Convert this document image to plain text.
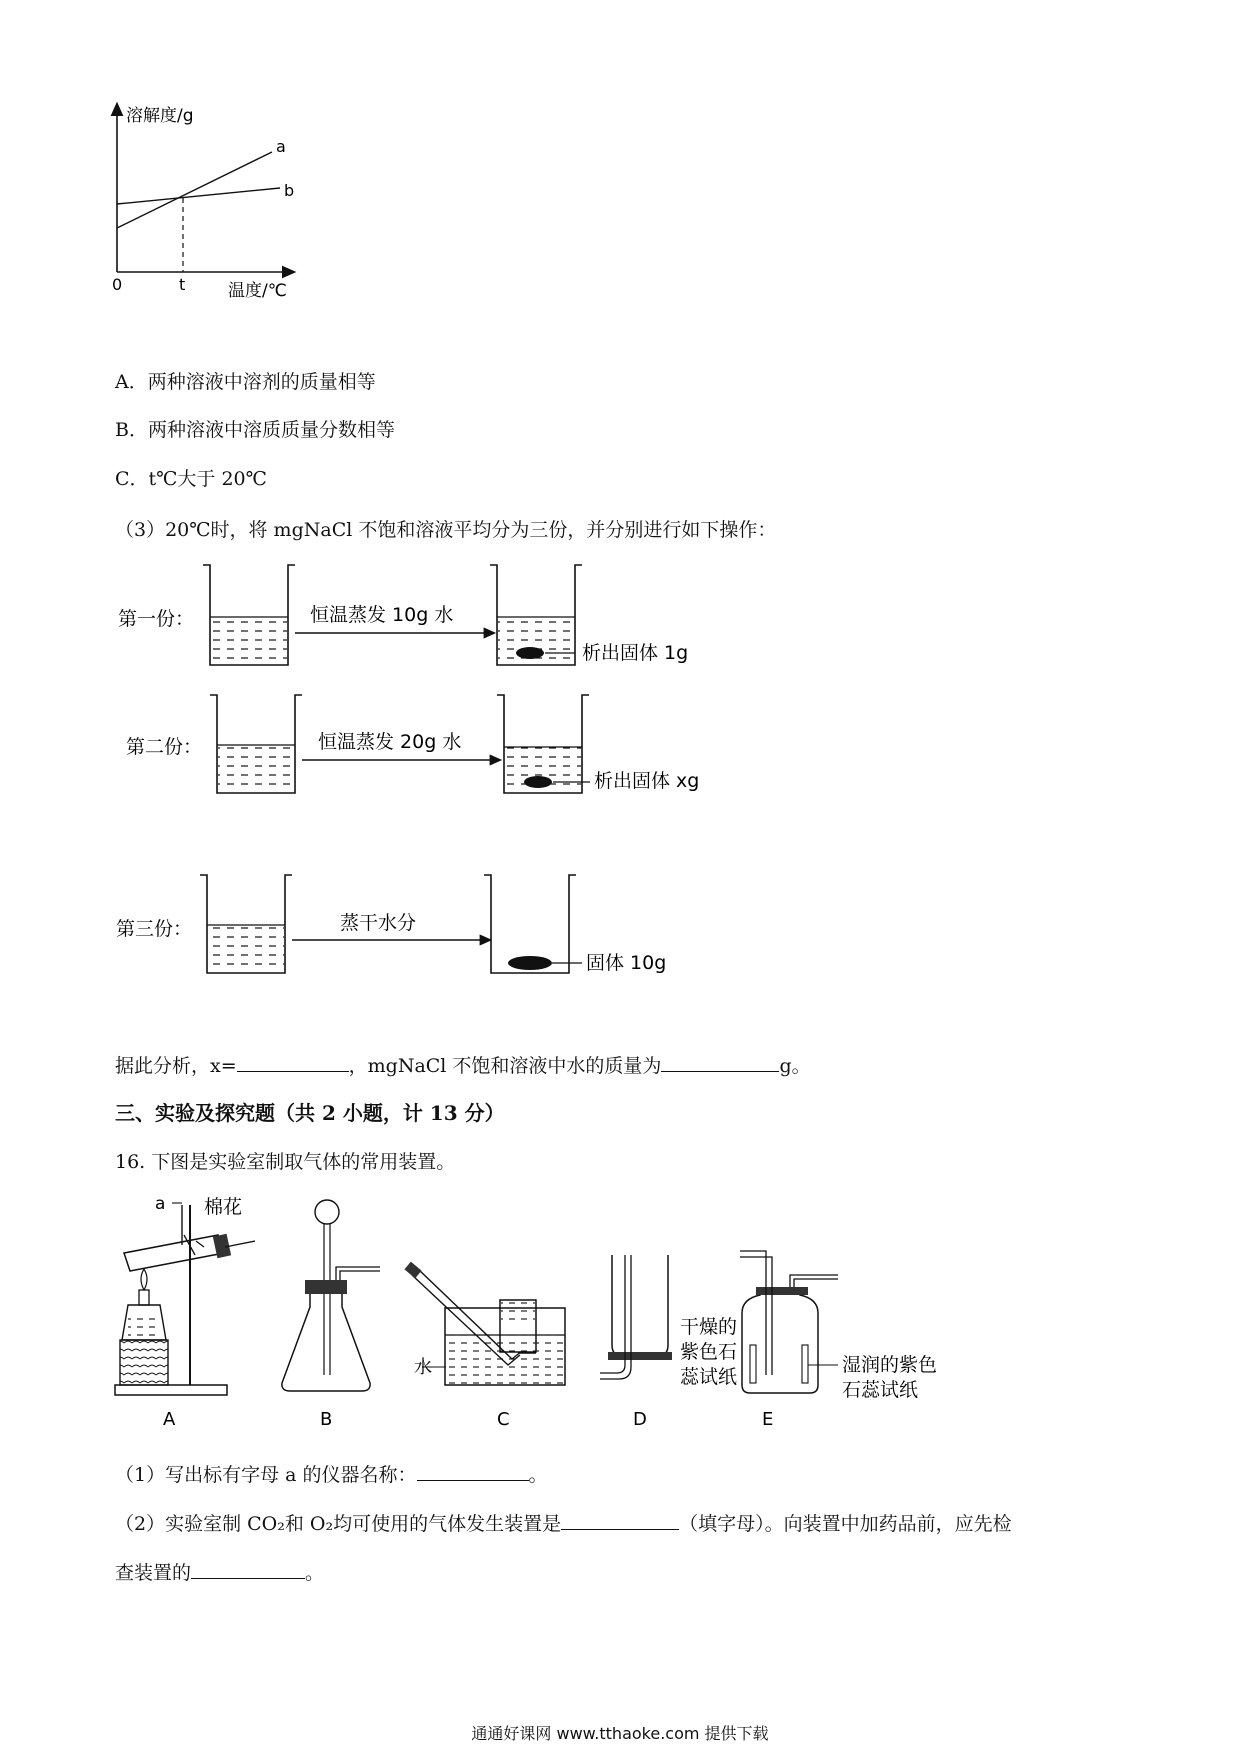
溶解度/g
温度/℃
0	t
a
b
A．两种溶液中溶剂的质量相等
B．两种溶液中溶质质量分数相等
C．t℃大于 20℃
（3）20℃时，将 mgNaCl 不饱和溶液平均分为三份，并分别进行如下操作：
第一份：	恒温蒸发 10g 水
析出固体 1g
第二份：	恒温蒸发 20g 水
析出固体 xg
第三份：	蒸干水分
固体 10g
据此分析，x=	，mgNaCl 不饱和溶液中水的质量为	g。
三、实验及探究题（共 2 小题，计 13 分）
16. 下图是实验室制取气体的常用装置。
a 棉花
A	B
水
C	D
干燥的
紫色石
蕊试纸
湿润的紫色
石蕊试纸
E
（1）写出标有字母 a 的仪器名称：	。
（2）实验室制 CO₂和 O₂均可使用的气体发生装置是	（填字母）。向装置中加药品前，应先检
查装置的	。
通通好课网 www.tthaoke.com 提供下载
